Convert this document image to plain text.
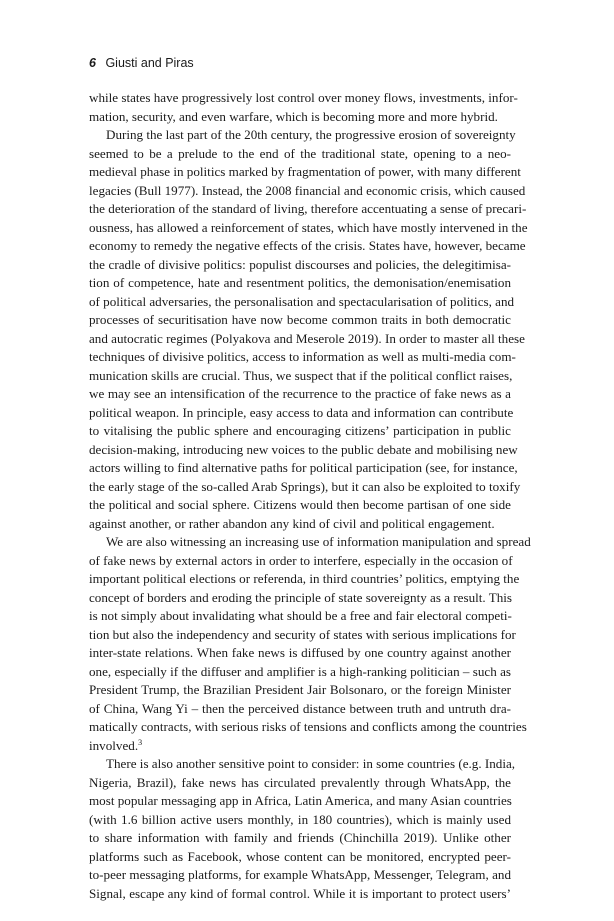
6 Giusti and Piras
while states have progressively lost control over money flows, investments, infor-
mation, security, and even warfare, which is becoming more and more hybrid.
During the last part of the 20th century, the progressive erosion of sovereignty
seemed to be a prelude to the end of the traditional state, opening to a neo-
medieval phase in politics marked by fragmentation of power, with many different
legacies (Bull 1977). Instead, the 2008 financial and economic crisis, which caused
the deterioration of the standard of living, therefore accentuating a sense of precari-
ousness, has allowed a reinforcement of states, which have mostly intervened in the
economy to remedy the negative effects of the crisis. States have, however, became
the cradle of divisive politics: populist discourses and policies, the delegitimisa-
tion of competence, hate and resentment politics, the demonisation/enemisation
of political adversaries, the personalisation and spectacularisation of politics, and
processes of securitisation have now become common traits in both democratic
and autocratic regimes (Polyakova and Meserole 2019). In order to master all these
techniques of divisive politics, access to information as well as multi-media com-
munication skills are crucial. Thus, we suspect that if the political conflict raises,
we may see an intensification of the recurrence to the practice of fake news as a
political weapon. In principle, easy access to data and information can contribute
to vitalising the public sphere and encouraging citizens’ participation in public
decision-making, introducing new voices to the public debate and mobilising new
actors willing to find alternative paths for political participation (see, for instance,
the early stage of the so-called Arab Springs), but it can also be exploited to toxify
the political and social sphere. Citizens would then become partisan of one side
against another, or rather abandon any kind of civil and political engagement.
We are also witnessing an increasing use of information manipulation and spread
of fake news by external actors in order to interfere, especially in the occasion of
important political elections or referenda, in third countries’ politics, emptying the
concept of borders and eroding the principle of state sovereignty as a result. This
is not simply about invalidating what should be a free and fair electoral competi-
tion but also the independency and security of states with serious implications for
inter-state relations. When fake news is diffused by one country against another
one, especially if the diffuser and amplifier is a high-ranking politician – such as
President Trump, the Brazilian President Jair Bolsonaro, or the foreign Minister
of China, Wang Yi – then the perceived distance between truth and untruth dra-
matically contracts, with serious risks of tensions and conflicts among the countries
involved.$^3$
There is also another sensitive point to consider: in some countries (e.g. India,
Nigeria, Brazil), fake news has circulated prevalently through WhatsApp, the
most popular messaging app in Africa, Latin America, and many Asian countries
(with 1.6 billion active users monthly, in 180 countries), which is mainly used
to share information with family and friends (Chinchilla 2019). Unlike other
platforms such as Facebook, whose content can be monitored, encrypted peer-
to-peer messaging platforms, for example WhatsApp, Messenger, Telegram, and
Signal, escape any kind of formal control. While it is important to protect users’
